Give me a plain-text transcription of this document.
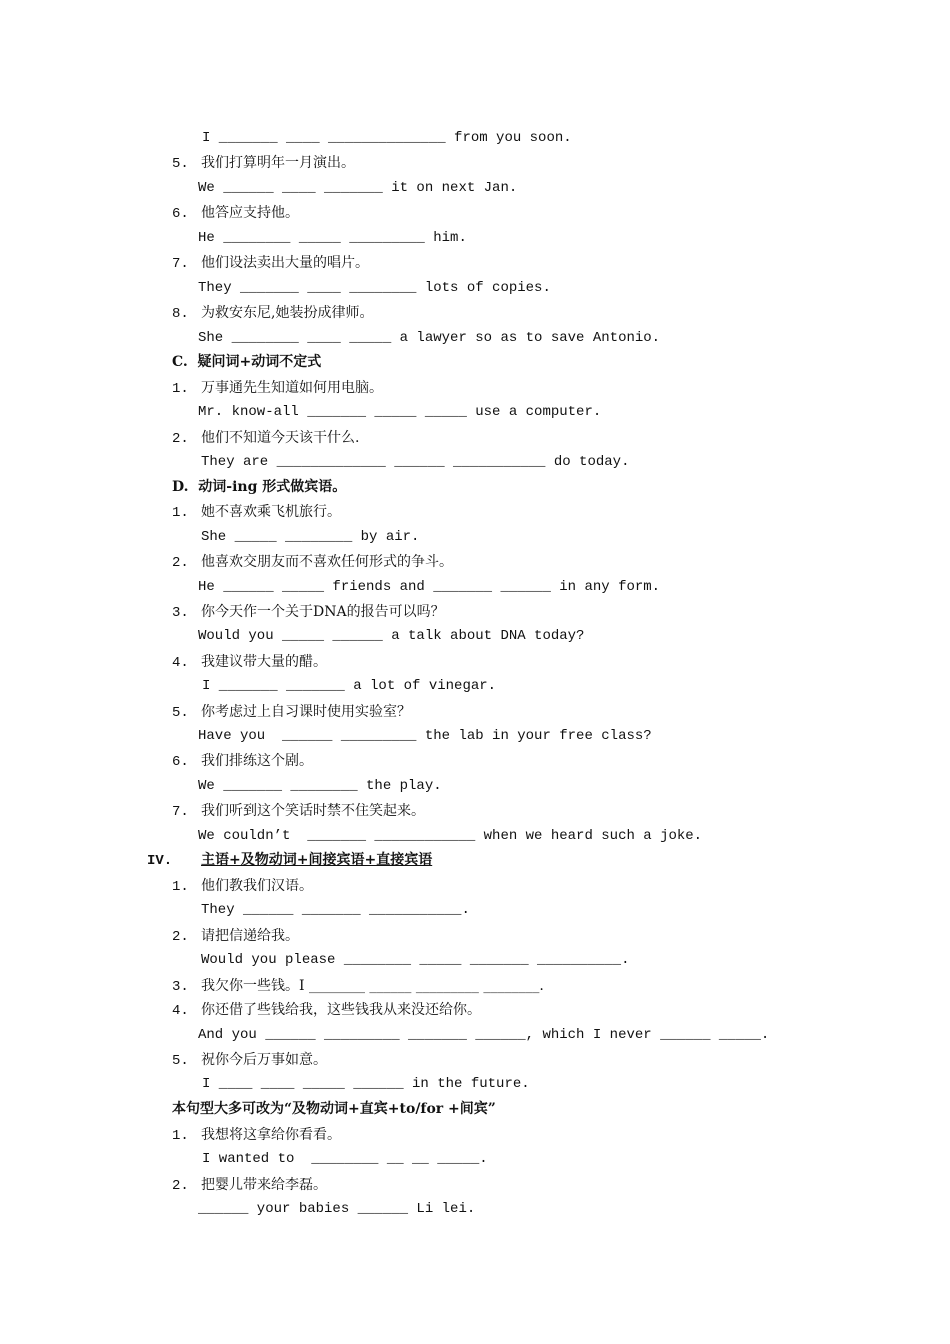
I _______ ____ ______________ from you soon.
5. 我们打算明年一月演出。
We ______ ____ _______ it on next Jan.
6. 他答应支持他。
He ________ _____ _________ him.
7. 他们设法卖出大量的唱片。
They _______ ____ ________ lots of copies.
8. 为救安东尼,她装扮成律师。
She ________ ____ _____ a lawyer so as to save Antonio.
C.  疑问词+动词不定式
1. 万事通先生知道如何用电脑。
Mr. know-all _______ _____ _____ use a computer.
2. 他们不知道今天该干什么.
They are _____________ ______ ___________ do today.
D.  动词-ing 形式做宾语。
1. 她不喜欢乘飞机旅行。
She _____ ________ by air.
2. 他喜欢交朋友而不喜欢任何形式的争斗。
He ______ _____ friends and _______ ______ in any form.
3. 你今天作一个关于DNA的报告可以吗？
Would you _____ ______ a talk about DNA today?
4. 我建议带大量的醋。
I _______ _______ a lot of vinegar.
5. 你考虑过上自习课时使用实验室？
Have you  ______ _________ the lab in your free class?
6. 我们排练这个剧。
We _______ ________ the play.
7. 我们听到这个笑话时禁不住笑起来。
We couldn’t  _______ ____________ when we heard such a joke.
IV. 主语+及物动词+间接宾语+直接宾语
1. 他们教我们汉语。
They ______ _______ ___________.
2. 请把信递给我。
Would you please ________ _____ _______ __________.
3. 我欠你一些钱。I ________ ______ _________ ________.
4. 你还借了些钱给我，这些钱我从来没还给你。
And you ______ _________ _______ ______, which I never ______ _____.
5. 祝你今后万事如意。
I ____ ____ _____ ______ in the future.
本句型大多可改为“及物动词+直宾+to/for +间宾”
1. 我想将这拿给你看看。
I wanted to  ________ __ __ _____.
2. 把婴儿带来给李磊。
______ your babies ______ Li lei.
